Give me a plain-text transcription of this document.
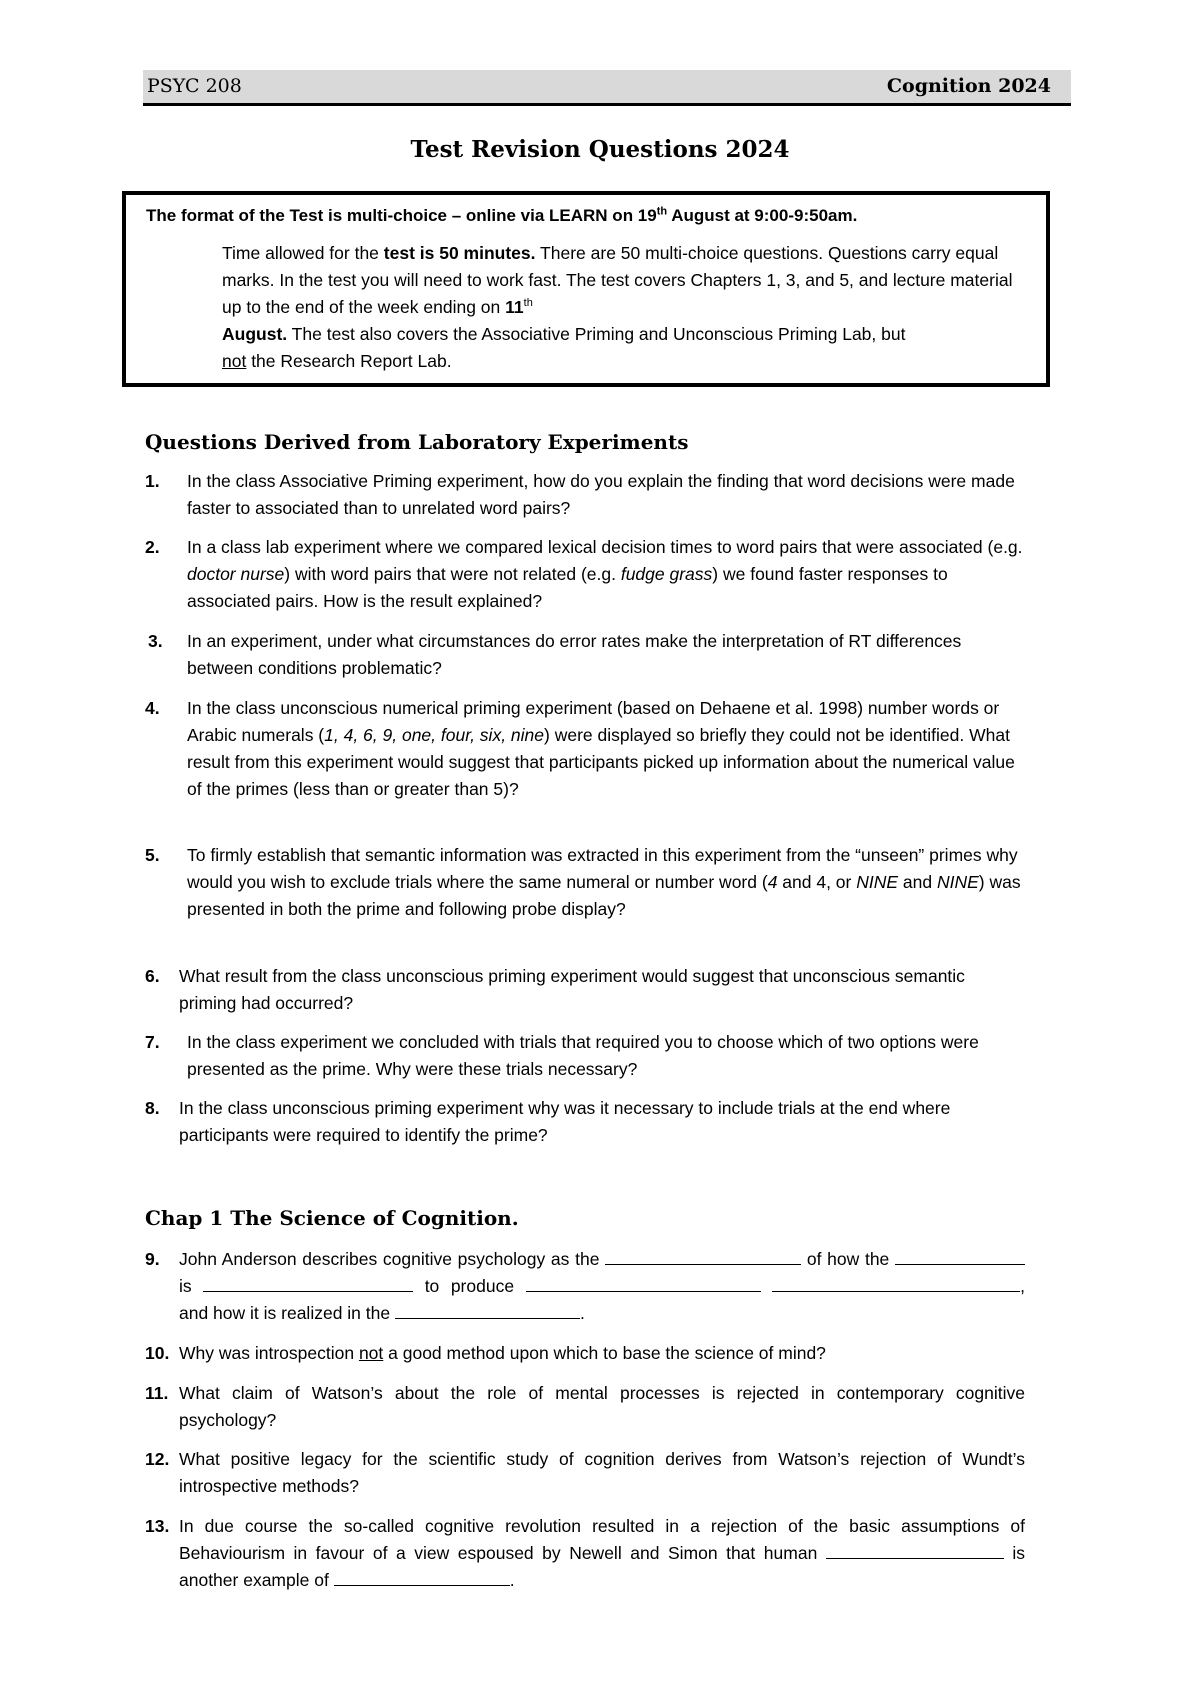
PSYC 208	Cognition 2024
Test Revision Questions 2024
The format of the Test is multi-choice – online via LEARN on 19th August at 9:00-9:50am.
Time allowed for the test is 50 minutes. There are 50 multi-choice questions. Questions carry equal marks. In the test you will need to work fast. The test covers Chapters 1, 3, and 5, and lecture material up to the end of the week ending on 11th
August. The test also covers the Associative Priming and Unconscious Priming Lab, but
not the Research Report Lab.
Questions Derived from Laboratory Experiments
1. In the class Associative Priming experiment, how do you explain the finding that word decisions were made faster to associated than to unrelated word pairs?
2. In a class lab experiment where we compared lexical decision times to word pairs that were associated (e.g. doctor nurse) with word pairs that were not related (e.g. fudge grass) we found faster responses to associated pairs. How is the result explained?
3. In an experiment, under what circumstances do error rates make the interpretation of RT differences between conditions problematic?
4. In the class unconscious numerical priming experiment (based on Dehaene et al. 1998) number words or Arabic numerals (1, 4, 6, 9, one, four, six, nine) were displayed so briefly they could not be identified. What result from this experiment would suggest that participants picked up information about the numerical value of the primes (less than or greater than 5)?
5. To firmly establish that semantic information was extracted in this experiment from the “unseen” primes why would you wish to exclude trials where the same numeral or number word (4 and 4, or NINE and NINE) was presented in both the prime and following probe display?
6. What result from the class unconscious priming experiment would suggest that unconscious semantic priming had occurred?
7. In the class experiment we concluded with trials that required you to choose which of two options were presented as the prime. Why were these trials necessary?
8. In the class unconscious priming experiment why was it necessary to include trials at the end where participants were required to identify the prime?
Chap 1 The Science of Cognition.
9. John Anderson describes cognitive psychology as the	of how the  is	to produce	, and how it is realized in the	.
10. Why was introspection not a good method upon which to base the science of mind?
11. What claim of Watson’s about the role of mental processes is rejected in contemporary cognitive psychology?
12. What positive legacy for the scientific study of cognition derives from Watson’s rejection of Wundt’s introspective methods?
13. In due course the so-called cognitive revolution resulted in a rejection of the basic assumptions of Behaviourism in favour of a view espoused by Newell and Simon that human	is another example of	.
